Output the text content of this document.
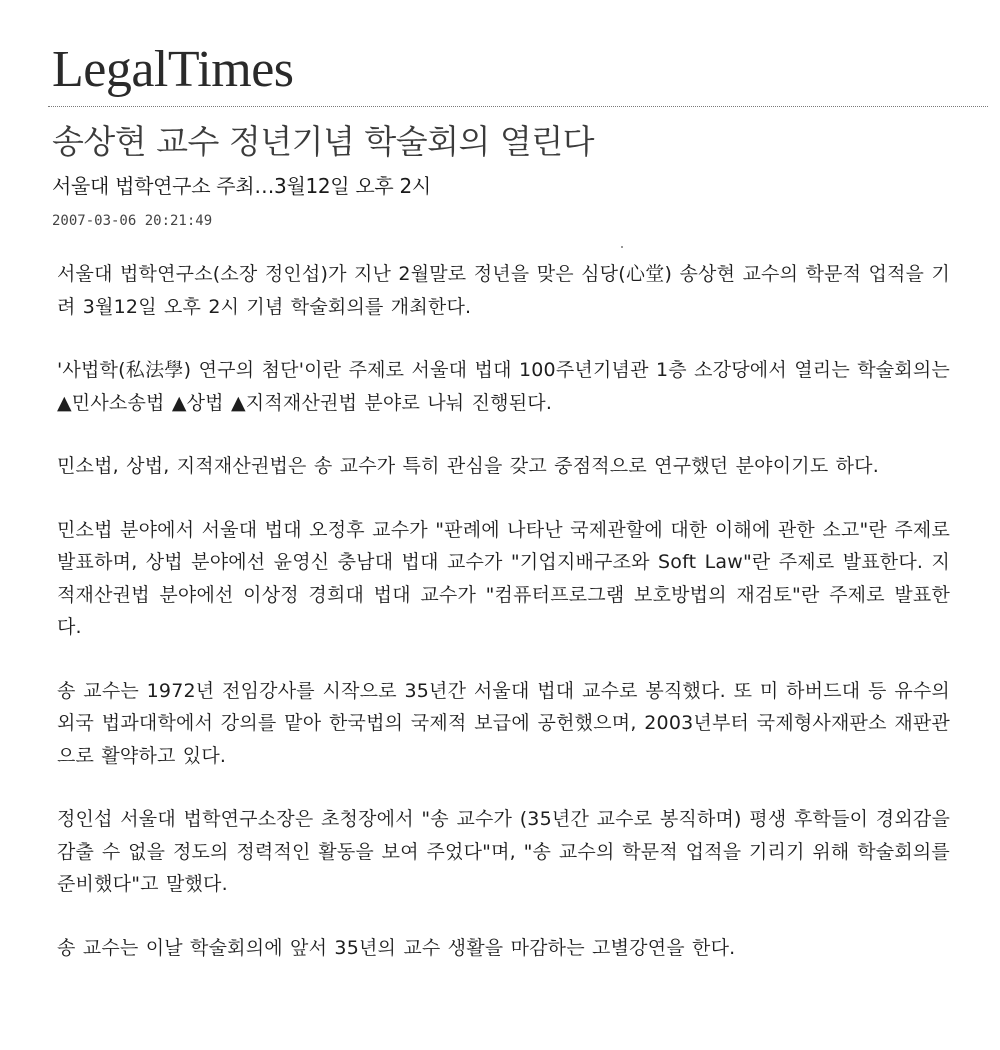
LegalTimes
송상현 교수 정년기념 학술회의 열린다
서울대 법학연구소 주최…3월12일 오후 2시
2007-03-06 20:21:49

서울대 법학연구소(소장 정인섭)가 지난 2월말로 정년을 맞은 심당(心堂) 송상현 교수의 학문적 업적을 기려 3월12일 오후 2시 기념 학술회의를 개최한다.

'사법학(私法學) 연구의 첨단'이란 주제로 서울대 법대 100주년기념관 1층 소강당에서 열리는 학술회의는 ▲민사소송법 ▲상법 ▲지적재산권법 분야로 나눠 진행된다.

민소법, 상법, 지적재산권법은 송 교수가 특히 관심을 갖고 중점적으로 연구했던 분야이기도 하다.

민소법 분야에서 서울대 법대 오정후 교수가 "판례에 나타난 국제관할에 대한 이해에 관한 소고"란 주제로 발표하며, 상법 분야에선 윤영신 충남대 법대 교수가 "기업지배구조와 Soft Law"란 주제로 발표한다. 지적재산권법 분야에선 이상정 경희대 법대 교수가 "컴퓨터프로그램 보호방법의 재검토"란 주제로 발표한다.

송 교수는 1972년 전임강사를 시작으로 35년간 서울대 법대 교수로 봉직했다. 또 미 하버드대 등 유수의 외국 법과대학에서 강의를 맡아 한국법의 국제적 보급에 공헌했으며, 2003년부터 국제형사재판소 재판관으로 활약하고 있다.

정인섭 서울대 법학연구소장은 초청장에서 "송 교수가 (35년간 교수로 봉직하며) 평생 후학들이 경외감을 감출 수 없을 정도의 정력적인 활동을 보여 주었다"며, "송 교수의 학문적 업적을 기리기 위해 학술회의를 준비했다"고 말했다.

송 교수는 이날 학술회의에 앞서 35년의 교수 생활을 마감하는 고별강연을 한다.
